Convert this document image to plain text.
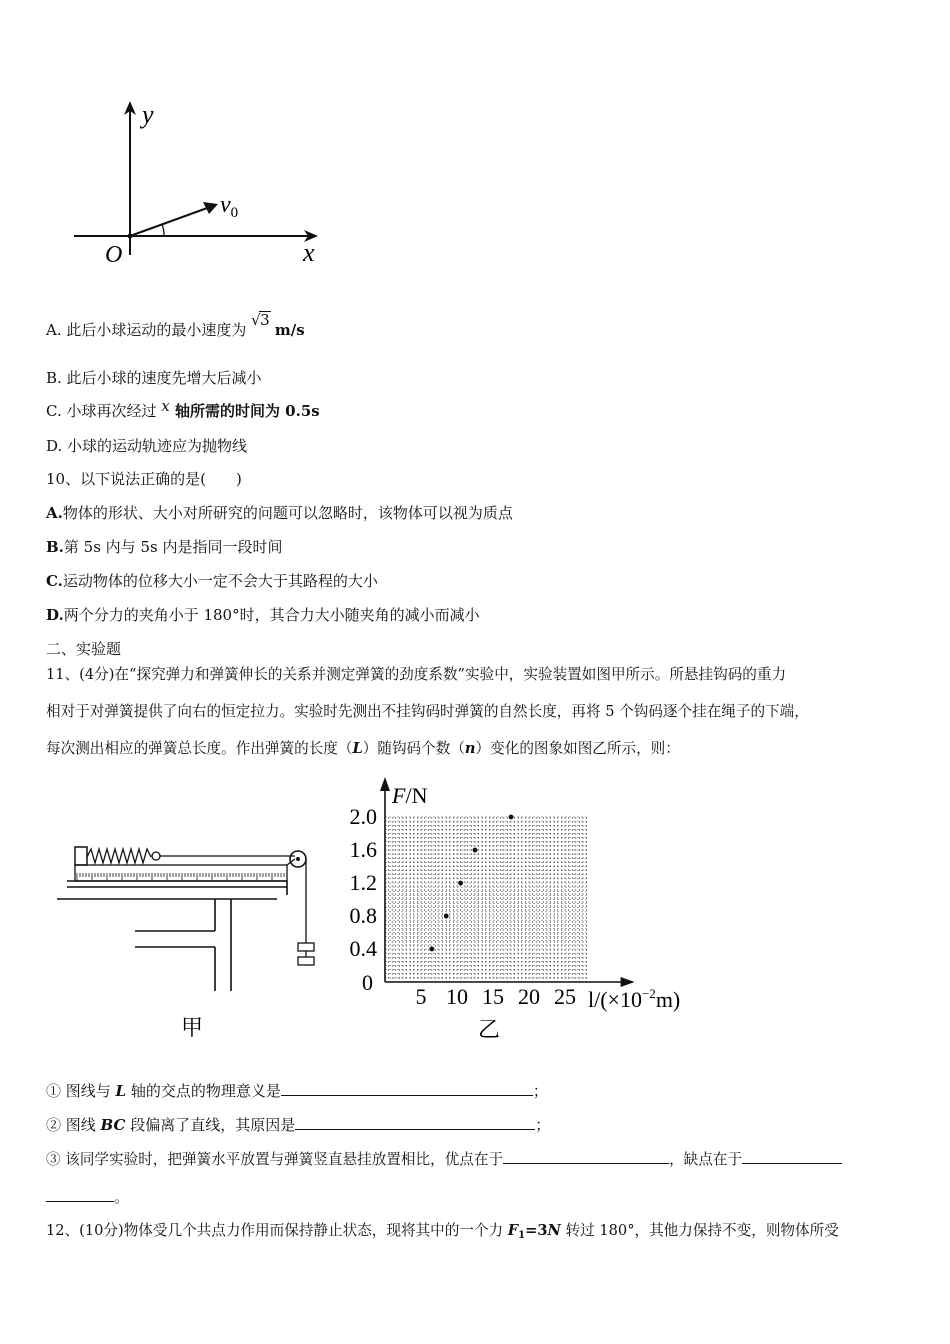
y
x
O
$v_0$
A. 此后小球运动的最小速度为
√ 3 m/s
B. 此后小球的速度先增大后减小
C. 小球再次经过 x 轴所需的时间为 0.5s
D. 小球的运动轨迹应为抛物线
10、以下说法正确的是(　　)
A.物体的形状、大小对所研究的问题可以忽略时，该物体可以视为质点
B.第 5s 内与 5s 内是指同一段时间
C.运动物体的位移大小一定不会大于其路程的大小
D.两个分力的夹角小于 180°时，其合力大小随夹角的减小而减小
二、实验题
11、(4分)在“探究弹力和弹簧伸长的关系并测定弹簧的劲度系数”实验中，实验装置如图甲所示。所悬挂钩码的重力
相对于对弹簧提供了向右的恒定拉力。实验时先测出不挂钩码时弹簧的自然长度，再将 5 个钩码逐个挂在绳子的下端，
每次测出相应的弹簧总长度。作出弹簧的长度（L）随钩码个数（n）变化的图象如图乙所示，则：
甲
5 10 15 20 25
0.4
0.8
1.2
1.6
2.0
F/N
0
$l/(\times 10^{-2}m)$
乙
① 图线与 L 轴的交点的物理意义是	；
② 图线 BC 段偏离了直线，其原因是	；
③ 该同学实验时，把弹簧水平放置与弹簧竖直悬挂放置相比，优点在于	，缺点在于
。
12、(10分)物体受几个共点力作用而保持静止状态，现将其中的一个力 $F_1=3N$ 转过 180°，其他力保持不变，则物体所受
